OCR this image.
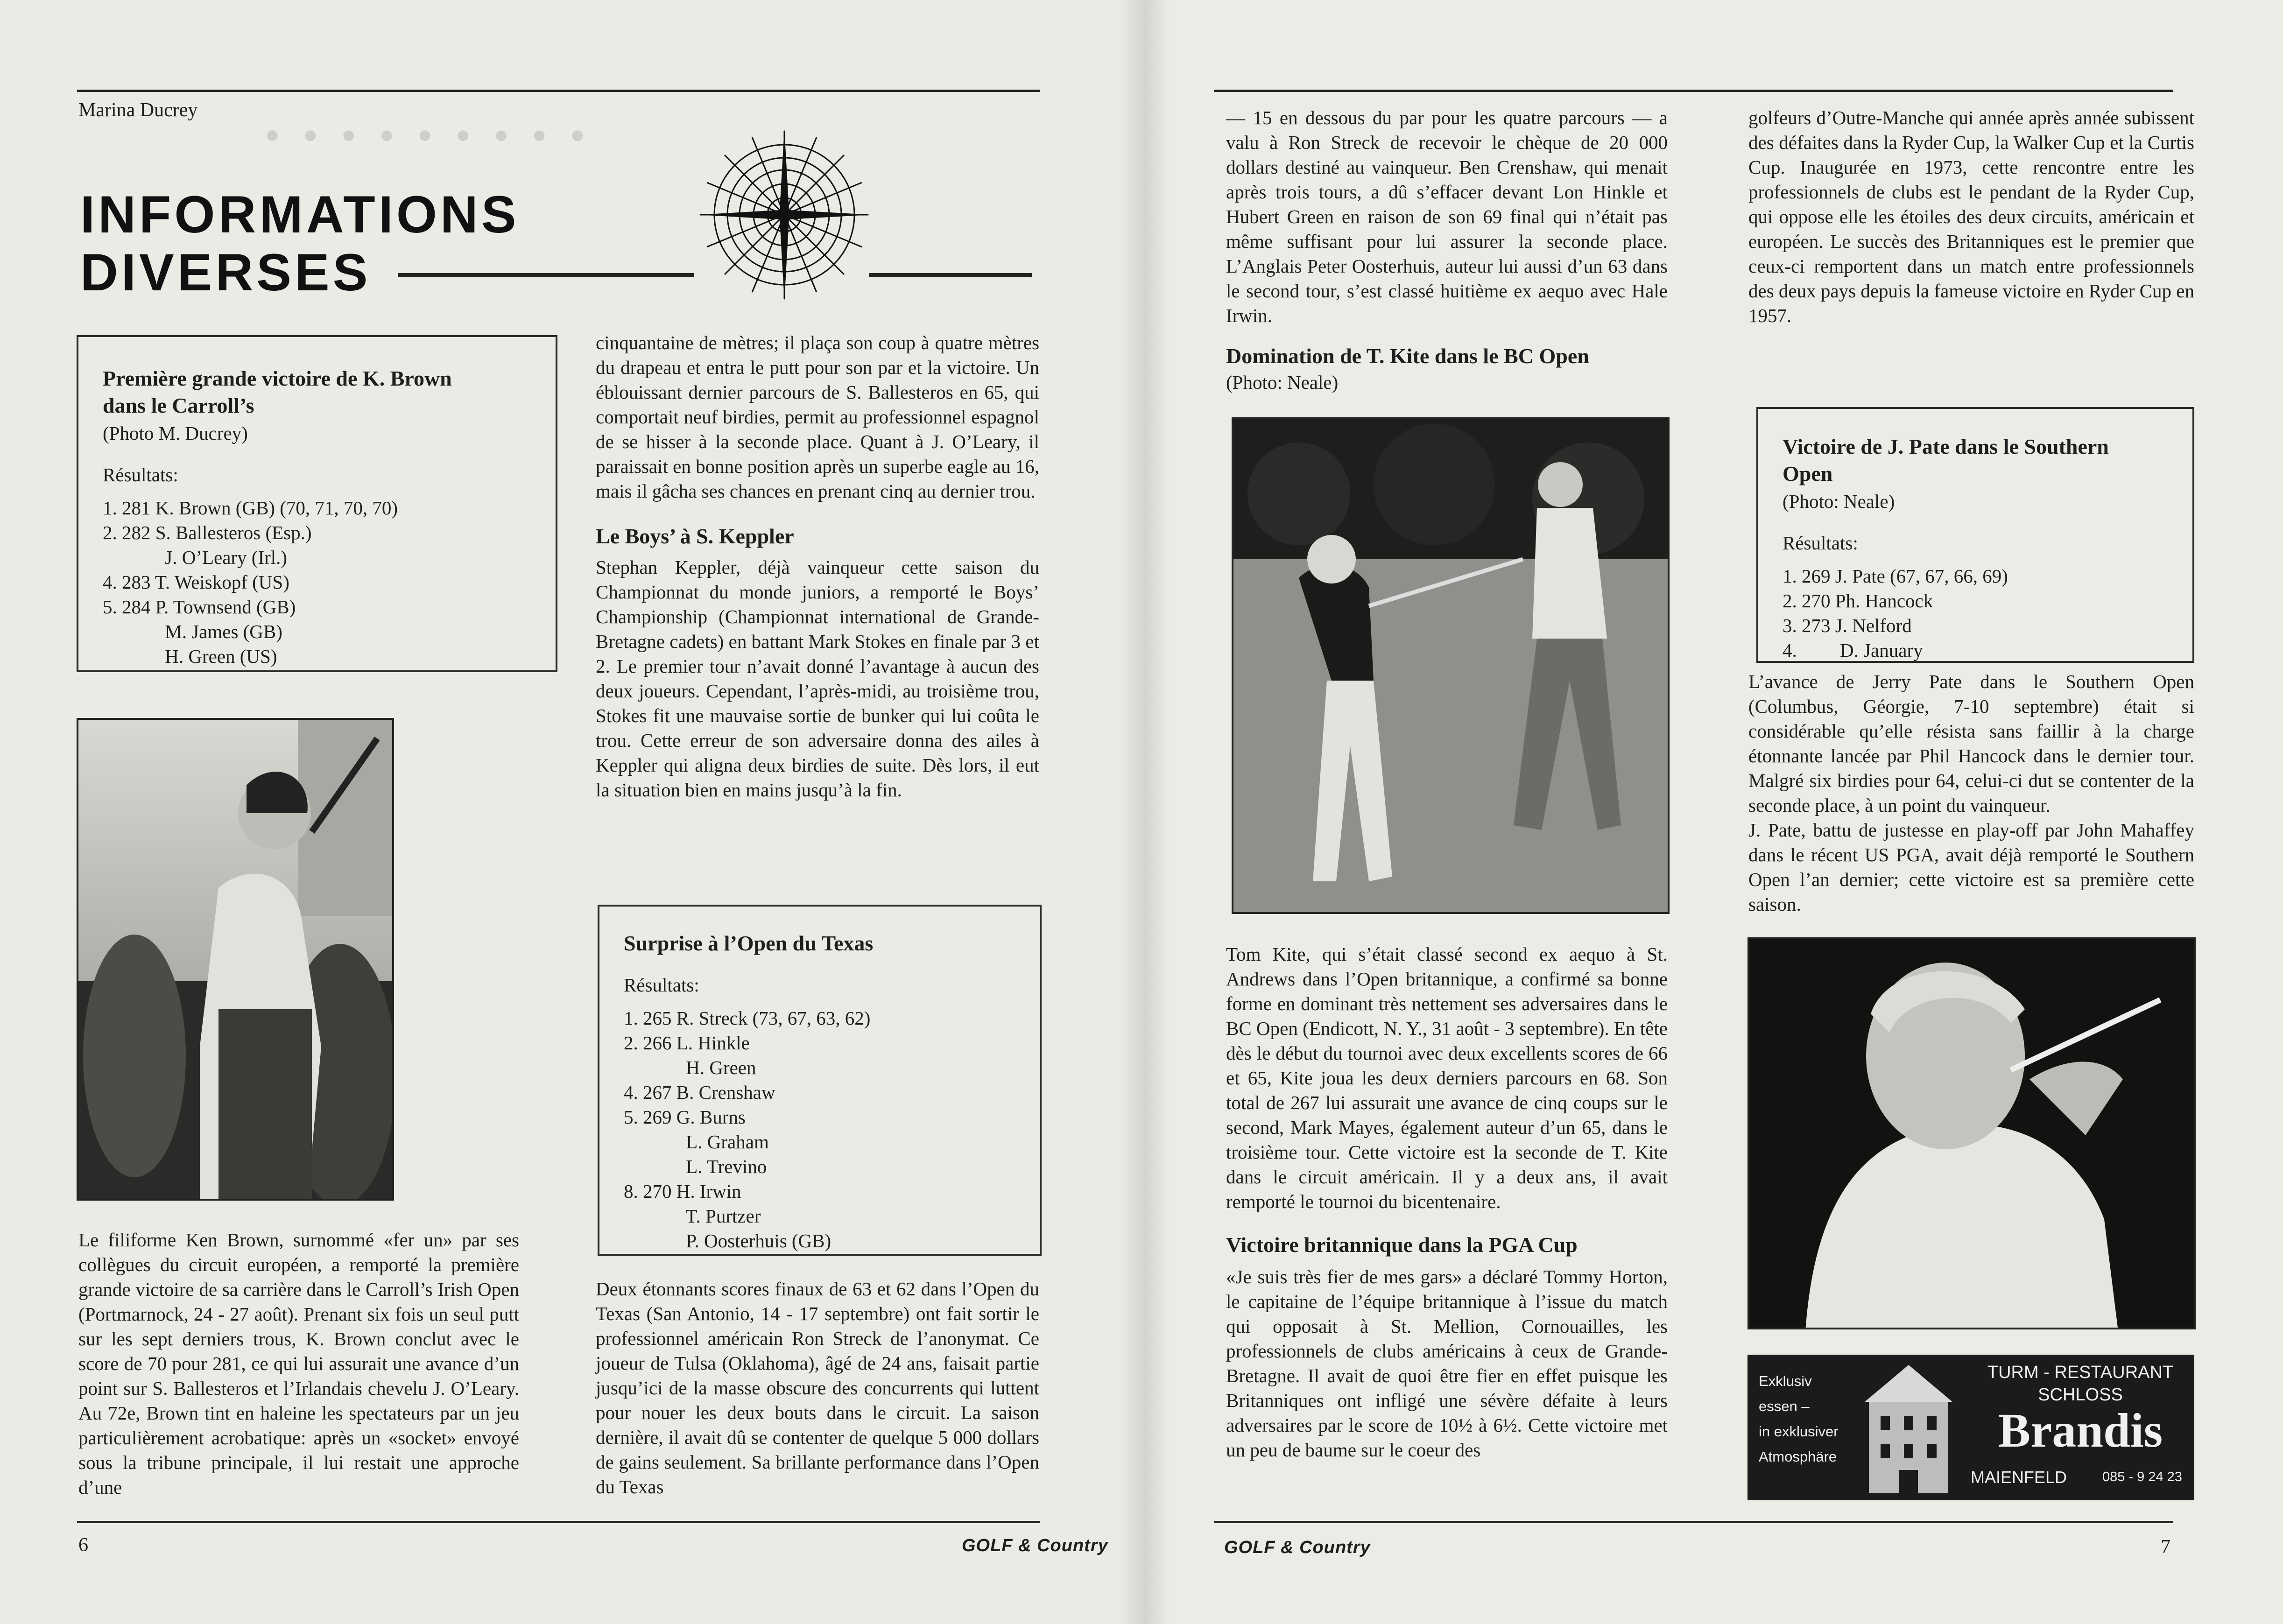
· · · · · · · · ·
Marina Ducrey
INFORMATIONS
DIVERSES
Première grande victoire de K. Brown
dans le Carroll’s

(Photo M. Ducrey)

Résultats:

1. 281 K. Brown (GB) (70, 71, 70, 70)
2. 282 S. Ballesteros (Esp.)
J. O’Leary (Irl.)
4. 283 T. Weiskopf (US)
5. 284 P. Townsend (GB)
M. James (GB)
H. Green (US)

Le filiforme Ken Brown, surnommé «fer un» par ses collègues du circuit européen, a remporté la première grande victoire de sa carrière dans le Carroll’s Irish Open (Portmarnock, 24 - 27 août). Prenant six fois un seul putt sur les sept derniers trous, K. Brown conclut avec le score de 70 pour 281, ce qui lui assurait une avance d’un point sur S. Ballesteros et l’Irlandais chevelu J. O’Leary. Au 72e, Brown tint en haleine les spectateurs par un jeu particulièrement acrobatique: après un «socket» envoyé sous la tribune principale, il lui restait une approche d’une

cinquantaine de mètres; il plaça son coup à quatre mètres du drapeau et entra le putt pour son par et la victoire. Un éblouissant dernier parcours de S. Ballesteros en 65, qui comportait neuf birdies, permit au professionnel espagnol de se hisser à la seconde place. Quant à J. O’Leary, il paraissait en bonne position après un superbe eagle au 16, mais il gâcha ses chances en prenant cinq au dernier trou.

Le Boys’ à S. Keppler

Stephan Keppler, déjà vainqueur cette saison du Championnat du monde juniors, a remporté le Boys’ Championship (Championnat international de Grande-Bretagne cadets) en battant Mark Stokes en finale par 3 et 2. Le premier tour n’avait donné l’avantage à aucun des deux joueurs. Cependant, l’après-midi, au troisième trou, Stokes fit une mauvaise sortie de bunker qui lui coûta le trou. Cette erreur de son adversaire donna des ailes à Keppler qui aligna deux birdies de suite. Dès lors, il eut la situation bien en mains jusqu’à la fin.

Surprise à l’Open du Texas

Résultats:

1. 265 R. Streck (73, 67, 63, 62)
2. 266 L. Hinkle
H. Green
4. 267 B. Crenshaw
5. 269 G. Burns
L. Graham
L. Trevino
8. 270 H. Irwin
T. Purtzer
P. Oosterhuis (GB)

Deux étonnants scores finaux de 63 et 62 dans l’Open du Texas (San Antonio, 14 - 17 septembre) ont fait sortir le professionnel américain Ron Streck de l’anonymat. Ce joueur de Tulsa (Oklahoma), âgé de 24 ans, faisait partie jusqu’ici de la masse obscure des concurrents qui luttent pour nouer les deux bouts dans le circuit. La saison dernière, il avait dû se contenter de quelque 5 000 dollars de gains seulement. Sa brillante performance dans l’Open du Texas

6	GOLF & Country

— 15 en dessous du par pour les quatre parcours — a valu à Ron Streck de recevoir le chèque de 20 000 dollars destiné au vainqueur. Ben Crenshaw, qui menait après trois tours, a dû s’effacer devant Lon Hinkle et Hubert Green en raison de son 69 final qui n’était pas même suffisant pour lui assurer la seconde place. L’Anglais Peter Oosterhuis, auteur lui aussi d’un 63 dans le second tour, s’est classé huitième ex aequo avec Hale Irwin.

Domination de T. Kite dans le BC Open

(Photo: Neale)

Tom Kite, qui s’était classé second ex aequo à St. Andrews dans l’Open britannique, a confirmé sa bonne forme en dominant très nettement ses adversaires dans le BC Open (Endicott, N. Y., 31 août - 3 septembre). En tête dès le début du tournoi avec deux excellents scores de 66 et 65, Kite joua les deux derniers parcours en 68. Son total de 267 lui assurait une avance de cinq coups sur le second, Mark Mayes, également auteur d’un 65, dans le troisième tour. Cette victoire est la seconde de T. Kite dans le circuit américain. Il y a deux ans, il avait remporté le tournoi du bicentenaire.

Victoire britannique dans la PGA Cup

«Je suis très fier de mes gars» a déclaré Tommy Horton, le capitaine de l’équipe britannique à l’issue du match qui opposait à St. Mellion, Cornouailles, les professionnels de clubs américains à ceux de Grande-Bretagne. Il avait de quoi être fier en effet puisque les Britanniques ont infligé une sévère défaite à leurs adversaires par le score de 10½ à 6½. Cette victoire met un peu de baume sur le coeur des

golfeurs d’Outre-Manche qui année après année subissent des défaites dans la Ryder Cup, la Walker Cup et la Curtis Cup. Inaugurée en 1973, cette rencontre entre les professionnels de clubs est le pendant de la Ryder Cup, qui oppose elle les étoiles des deux circuits, américain et européen. Le succès des Britanniques est le premier que ceux-ci remportent dans un match entre professionnels des deux pays depuis la fameuse victoire en Ryder Cup en 1957.

Victoire de J. Pate dans le Southern
Open

(Photo: Neale)

Résultats:

1. 269 J. Pate (67, 67, 66, 69)
2. 270 Ph. Hancock
3. 273 J. Nelford
4.         D. January

L’avance de Jerry Pate dans le Southern Open (Columbus, Géorgie, 7-10 septembre) était si considérable qu’elle résista sans faillir à la charge étonnante lancée par Phil Hancock dans le dernier tour. Malgré six birdies pour 64, celui-ci dut se contenter de la seconde place, à un point du vainqueur.

J. Pate, battu de justesse en play-off par John Mahaffey dans le récent US PGA, avait déjà remporté le Southern Open l’an dernier; cette victoire est sa première cette saison.

Exklusiv
essen –
in exklusiver
Atmosphäre
TURM - RESTAURANT
SCHLOSS
Brandis
MAIENFELD	085 - 9 24 23
GOLF & Country	7
